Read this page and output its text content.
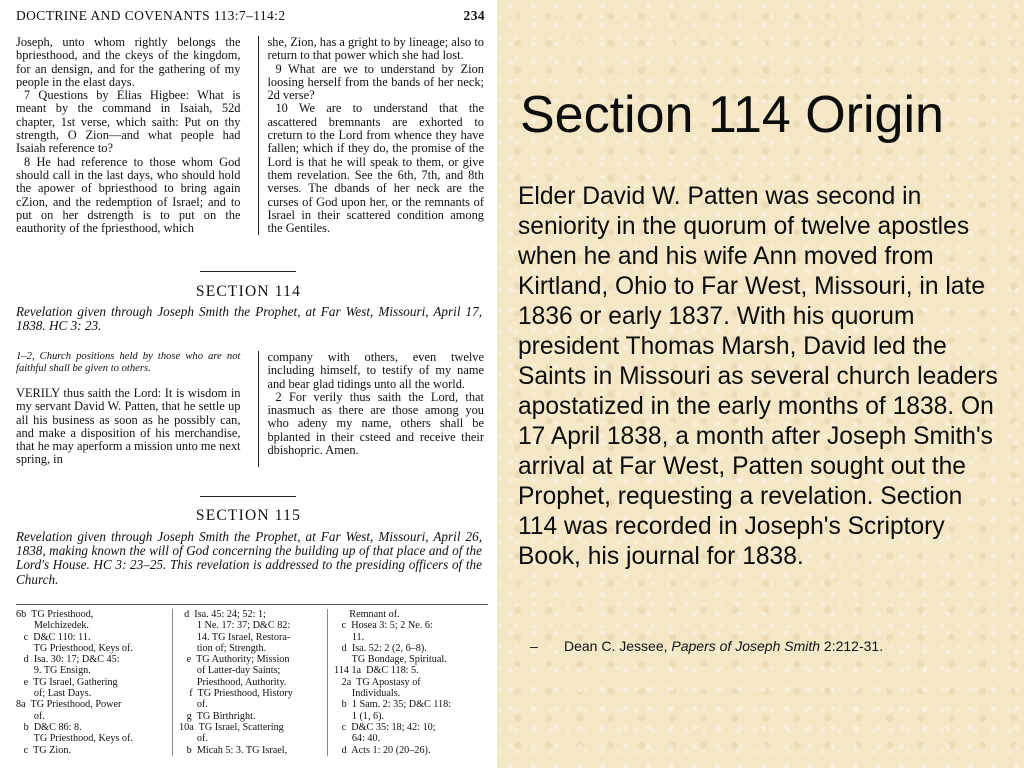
DOCTRINE AND COVENANTS 113:7–114:2	234

Joseph, unto whom rightly belongs the bpriesthood, and the ckeys of the kingdom, for an densign, and for the gathering of my people in the elast days.

7 Questions by Elias Higbee: What is meant by the command in Isaiah, 52d chapter, 1st verse, which saith: Put on thy strength, O Zion—and what people had Isaiah reference to?

8 He had reference to those whom God should call in the last days, who should hold the apower of bpriesthood to bring again cZion, and the redemption of Israel; and to put on her dstrength is to put on the eauthority of the fpriesthood, which

she, Zion, has a gright to by lineage; also to return to that power which she had lost.

9 What are we to understand by Zion loosing herself from the bands of her neck; 2d verse?

10 We are to understand that the ascattered bremnants are exhorted to creturn to the Lord from whence they have fallen; which if they do, the promise of the Lord is that he will speak to them, or give them revelation. See the 6th, 7th, and 8th verses. The dbands of her neck are the curses of God upon her, or the remnants of Israel in their scattered condition among the Gentiles.

SECTION 114
Revelation given through Joseph Smith the Prophet, at Far West, Missouri, April 17, 1838. HC 3: 23.

1–2, Church positions held by those who are not faithful shall be given to others.

VERILY thus saith the Lord: It is wisdom in my servant David W. Patten, that he settle up all his business as soon as he possibly can, and make a disposition of his merchandise, that he may aperform a mission unto me next spring, in

company with others, even twelve including himself, to testify of my name and bear glad tidings unto all the world.

2 For verily thus saith the Lord, that inasmuch as there are those among you who adeny my name, others shall be bplanted in their csteed and receive their dbishopric. Amen.

SECTION 115
Revelation given through Joseph Smith the Prophet, at Far West, Missouri, April 26, 1838, making known the will of God concerning the building up of that place and of the Lord's House. HC 3: 23–25. This revelation is addressed to the presiding officers of the Church.
6b  TG Priesthood,
Melchizedek.
c  D&C 110: 11.
TG Priesthood, Keys of.
d  Isa. 30: 17; D&C 45:
9. TG Ensign.
e  TG Israel, Gathering
of; Last Days.
8a  TG Priesthood, Power
of.
b  D&C 86: 8.
TG Priesthood, Keys of.
c  TG Zion.
d  Isa. 45: 24; 52: 1;
1 Ne. 17: 37; D&C 82:
14. TG Israel, Restora-
tion of; Strength.
e  TG Authority; Mission
of Latter-day Saints;
Priesthood, Authority.
f  TG Priesthood, History
of.
g  TG Birthright.
10a  TG Israel, Scattering
of.
b  Micah 5: 3. TG Israel,
Remnant of.
c  Hosea 3: 5; 2 Ne. 6:
11.
d  Isa. 52: 2 (2, 6–8).
TG Bondage, Spiritual.
114 1a  D&C 118: 5.
2a  TG Apostasy of
Individuals.
b  1 Sam. 2: 35; D&C 118:
1 (1, 6).
c  D&C 35: 18; 42: 10;
64: 40.
d  Acts 1: 20 (20–26).
Section 114 Origin

Elder David W. Patten was second in seniority in the quorum of twelve apostles when he and his wife Ann moved from Kirtland, Ohio to Far West, Missouri, in late 1836 or early 1837. With his quorum president Thomas Marsh, David led the Saints in Missouri as several church leaders apostatized in the early months of 1838. On 17 April 1838, a month after Joseph Smith's arrival at Far West, Patten sought out the Prophet, requesting a revelation. Section 114 was recorded in Joseph's Scriptory Book, his journal for 1838.

– Dean C. Jessee, Papers of Joseph Smith 2:212-31.
